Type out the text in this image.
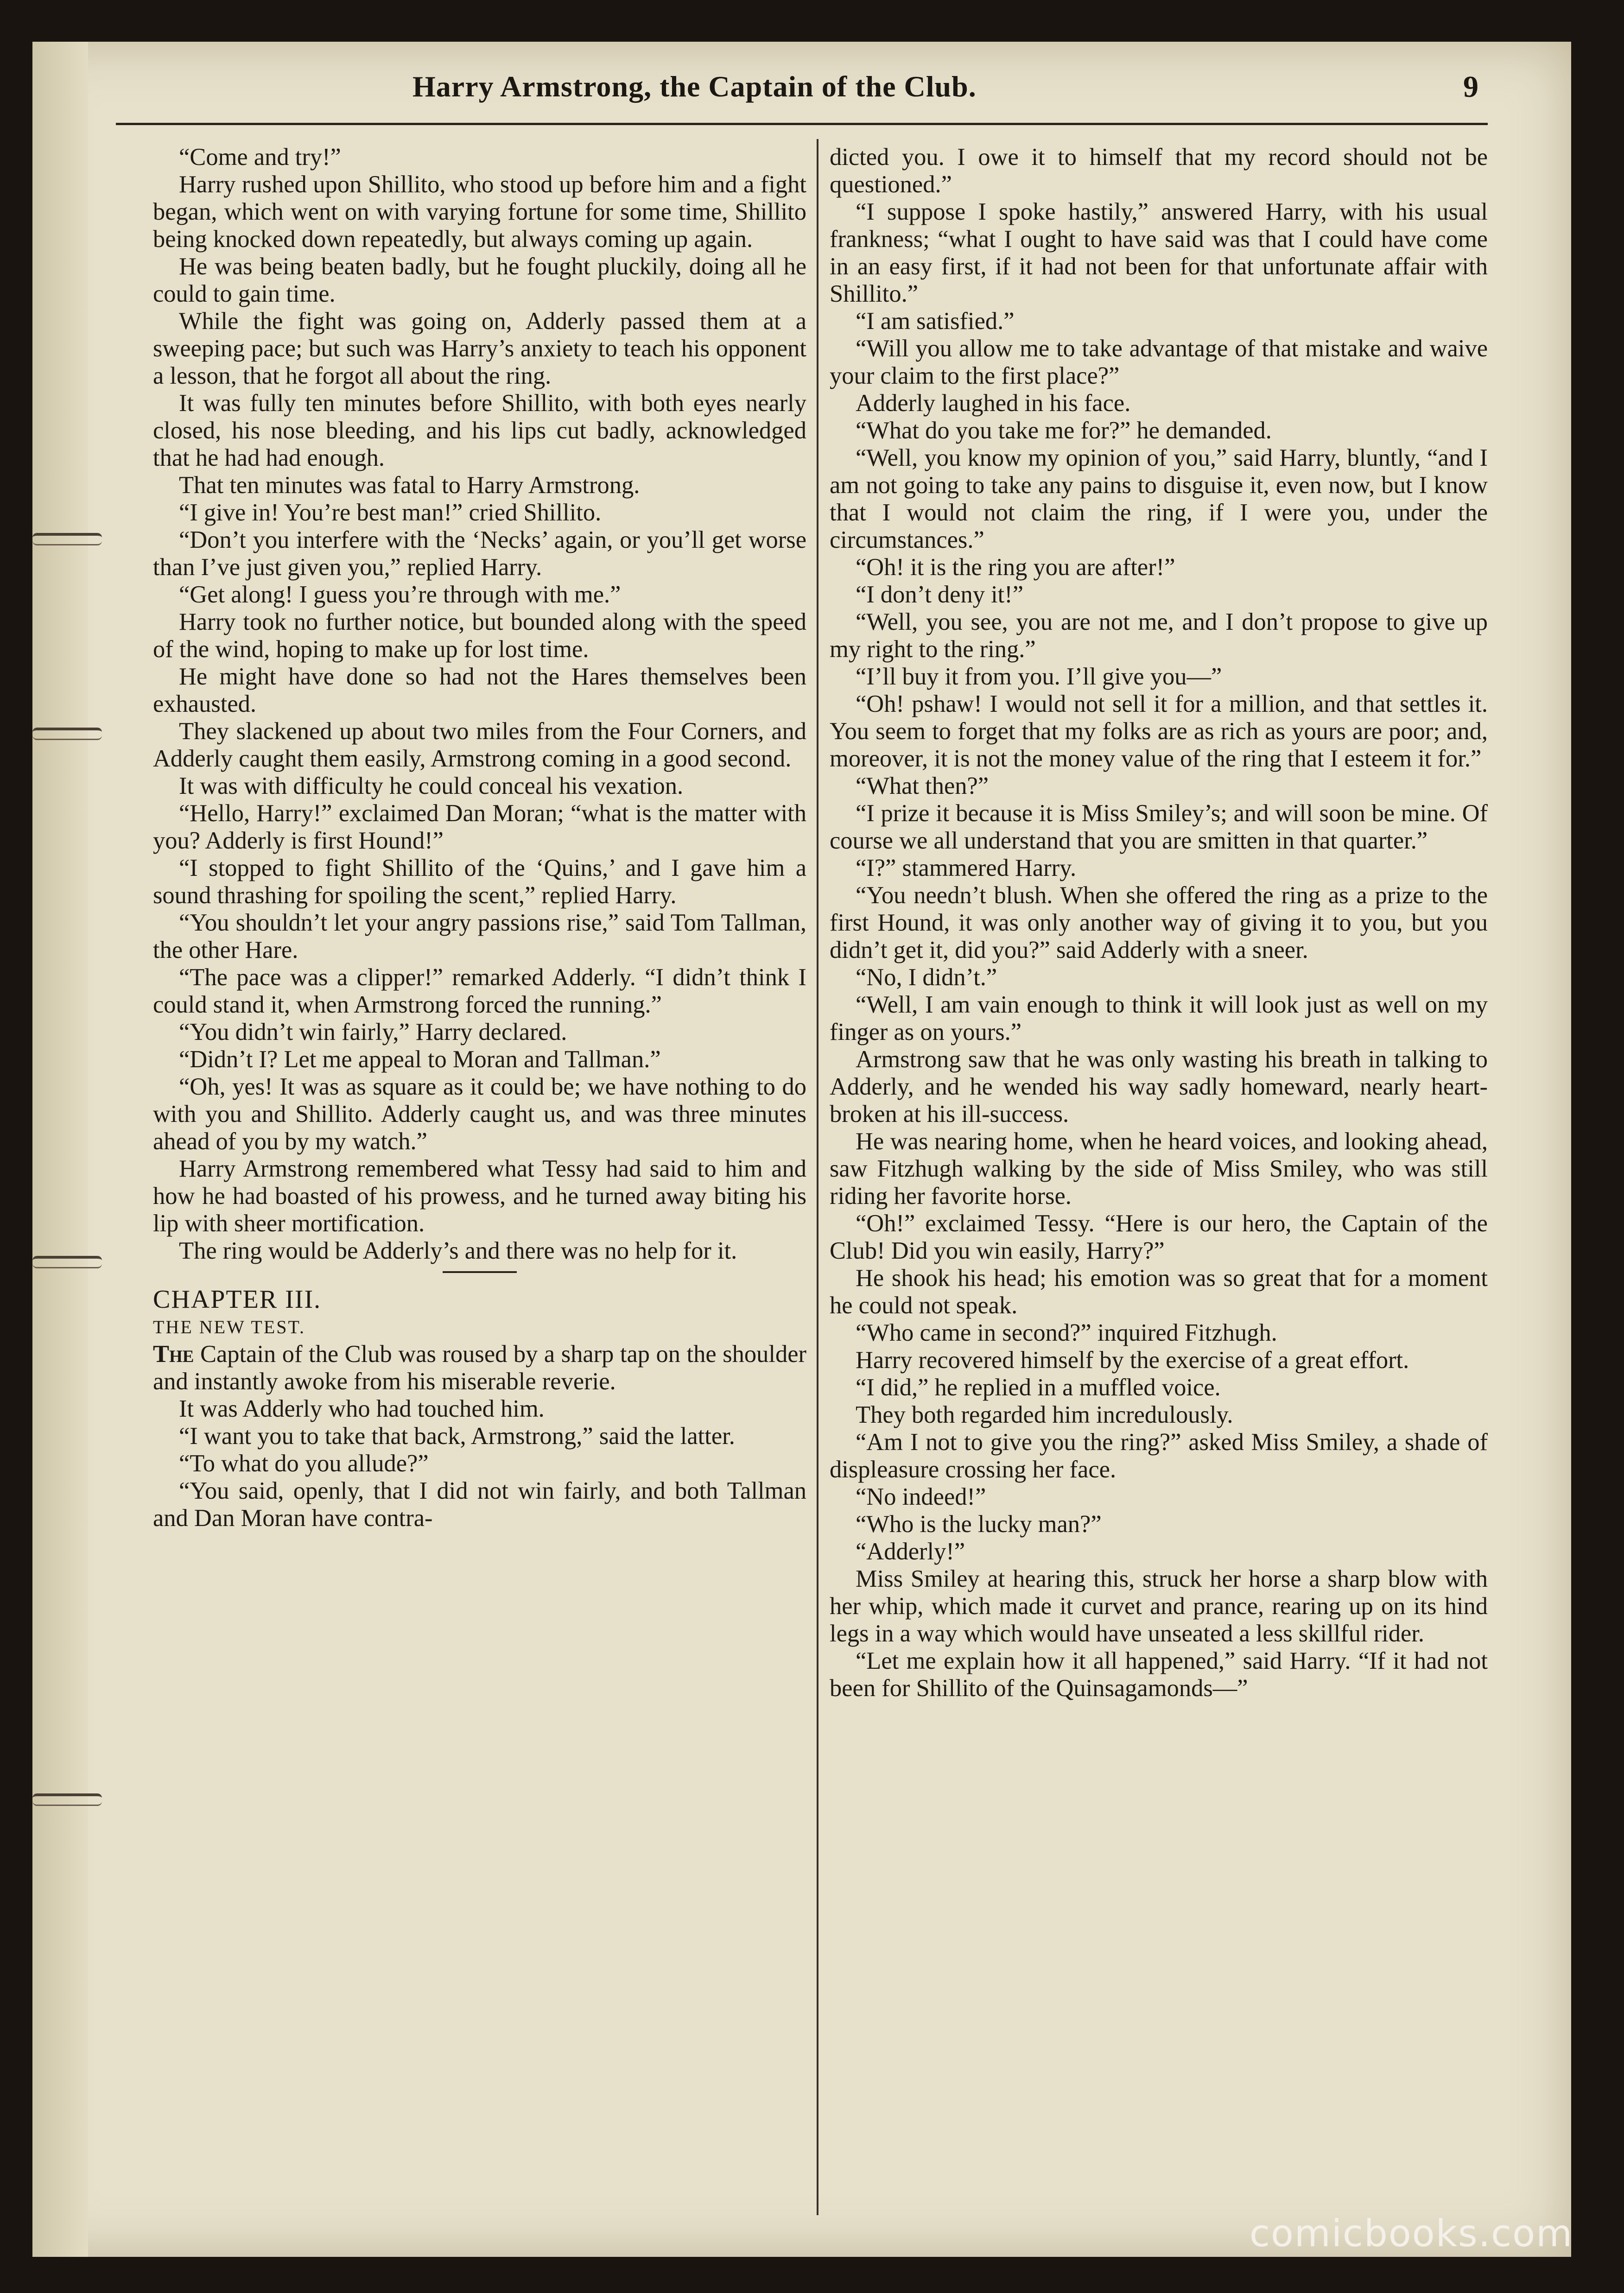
Harry Armstrong, the Captain of the Club.	9

“Come and try!”

Harry rushed upon Shillito, who stood up before him and a fight began, which went on with varying fortune for some time, Shillito being knocked down repeatedly, but always coming up again.

He was being beaten badly, but he fought pluckily, doing all he could to gain time.

While the fight was going on, Adderly passed them at a sweeping pace; but such was Harry’s anxiety to teach his opponent a lesson, that he forgot all about the ring.

It was fully ten minutes before Shillito, with both eyes nearly closed, his nose bleeding, and his lips cut badly, acknowledged that he had had enough.

That ten minutes was fatal to Harry Armstrong.

“I give in! You’re best man!” cried Shillito.

“Don’t you interfere with the ‘Necks’ again, or you’ll get worse than I’ve just given you,” replied Harry.

“Get along! I guess you’re through with me.”

Harry took no further notice, but bounded along with the speed of the wind, hoping to make up for lost time.

He might have done so had not the Hares themselves been exhausted.

They slackened up about two miles from the Four Corners, and Adderly caught them easily, Armstrong coming in a good second.

It was with difficulty he could conceal his vexation.

“Hello, Harry!” exclaimed Dan Moran; “what is the matter with you? Adderly is first Hound!”

“I stopped to fight Shillito of the ‘Quins,’ and I gave him a sound thrashing for spoiling the scent,” replied Harry.

“You shouldn’t let your angry passions rise,” said Tom Tallman, the other Hare.

“The pace was a clipper!” remarked Adderly. “I didn’t think I could stand it, when Armstrong forced the running.”

“You didn’t win fairly,” Harry declared.

“Didn’t I? Let me appeal to Moran and Tallman.”

“Oh, yes! It was as square as it could be; we have nothing to do with you and Shillito. Adderly caught us, and was three minutes ahead of you by my watch.”

Harry Armstrong remembered what Tessy had said to him and how he had boasted of his prowess, and he turned away biting his lip with sheer mortification.

The ring would be Adderly’s and there was no help for it.

CHAPTER III.

THE NEW TEST.

The Captain of the Club was roused by a sharp tap on the shoulder and instantly awoke from his miserable reverie.

It was Adderly who had touched him.

“I want you to take that back, Armstrong,” said the latter.

“To what do you allude?”

“You said, openly, that I did not win fairly, and both Tallman and Dan Moran have contra-

dicted you. I owe it to himself that my record should not be questioned.”

“I suppose I spoke hastily,” answered Harry, with his usual frankness; “what I ought to have said was that I could have come in an easy first, if it had not been for that unfortunate affair with Shillito.”

“I am satisfied.”

“Will you allow me to take advantage of that mistake and waive your claim to the first place?”

Adderly laughed in his face.

“What do you take me for?” he demanded.

“Well, you know my opinion of you,” said Harry, bluntly, “and I am not going to take any pains to disguise it, even now, but I know that I would not claim the ring, if I were you, under the circumstances.”

“Oh! it is the ring you are after!”

“I don’t deny it!”

“Well, you see, you are not me, and I don’t propose to give up my right to the ring.”

“I’ll buy it from you. I’ll give you—”

“Oh! pshaw! I would not sell it for a million, and that settles it. You seem to forget that my folks are as rich as yours are poor; and, moreover, it is not the money value of the ring that I esteem it for.”

“What then?”

“I prize it because it is Miss Smiley’s; and will soon be mine. Of course we all understand that you are smitten in that quarter.”

“I?” stammered Harry.

“You needn’t blush. When she offered the ring as a prize to the first Hound, it was only another way of giving it to you, but you didn’t get it, did you?” said Adderly with a sneer.

“No, I didn’t.”

“Well, I am vain enough to think it will look just as well on my finger as on yours.”

Armstrong saw that he was only wasting his breath in talking to Adderly, and he wended his way sadly homeward, nearly heart-broken at his ill-success.

He was nearing home, when he heard voices, and looking ahead, saw Fitzhugh walking by the side of Miss Smiley, who was still riding her favorite horse.

“Oh!” exclaimed Tessy. “Here is our hero, the Captain of the Club! Did you win easily, Harry?”

He shook his head; his emotion was so great that for a moment he could not speak.

“Who came in second?” inquired Fitzhugh.

Harry recovered himself by the exercise of a great effort.

“I did,” he replied in a muffled voice.

They both regarded him incredulously.

“Am I not to give you the ring?” asked Miss Smiley, a shade of displeasure crossing her face.

“No indeed!”

“Who is the lucky man?”

“Adderly!”

Miss Smiley at hearing this, struck her horse a sharp blow with her whip, which made it curvet and prance, rearing up on its hind legs in a way which would have unseated a less skillful rider.

“Let me explain how it all happened,” said Harry. “If it had not been for Shillito of the Quinsagamonds—”

comicbooks.com
